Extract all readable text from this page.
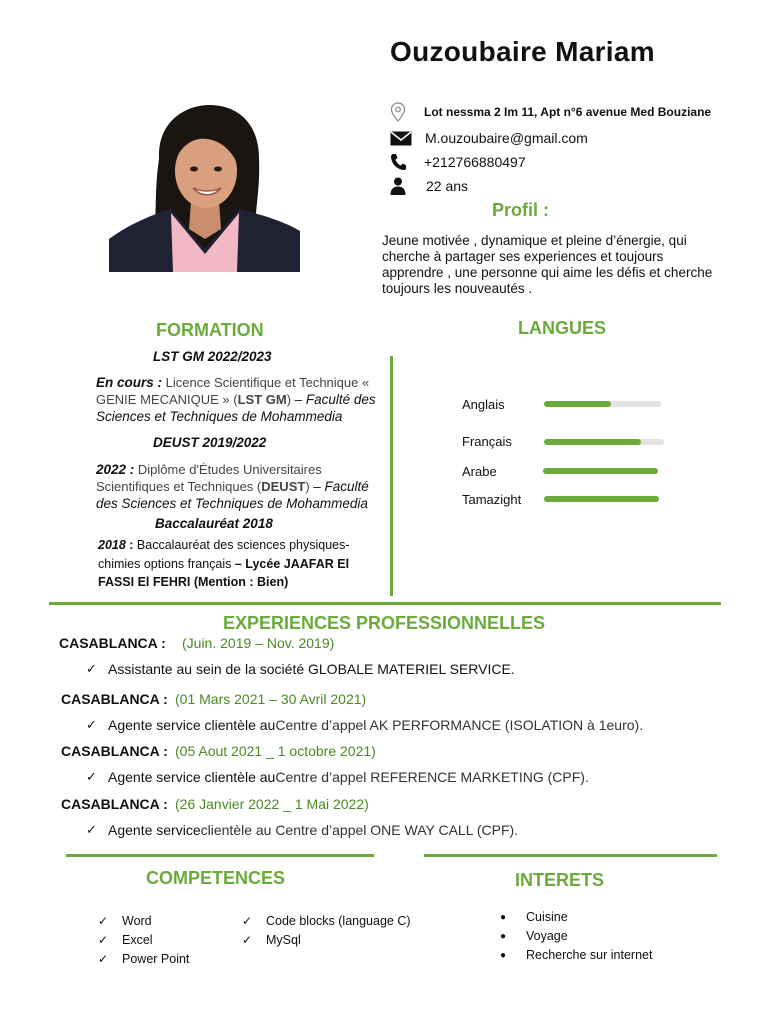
Ouzoubaire Mariam
Lot nessma 2 Im 11, Apt n°6 avenue Med Bouziane
M.ouzoubaire@gmail.com
+212766880497
22 ans
Profil :
Jeune motivée , dynamique et pleine d’énergie, qui cherche à partager ses experiences et toujours apprendre , une personne qui aime les défis et cherche toujours les nouveautés .
FORMATION
LST GM 2022/2023
En cours : Licence Scientifique et Technique « GENIE MECANIQUE » (LST GM) – Faculté des Sciences et Techniques de Mohammedia
DEUST 2019/2022
2022 : Diplôme d'Études Universitaires Scientifiques et Techniques (DEUST) – Faculté des Sciences et Techniques de Mohammedia
Baccalauréat 2018
2018 : Baccalauréat des sciences physiques-chimies options français – Lycée JAAFAR El FASSI El FEHRI (Mention : Bien)
LANGUES
Anglais
Français
Arabe
Tamazight
EXPERIENCES PROFESSIONNELLES
CASABLANCA : (Juin. 2019 – Nov. 2019)
✓ Assistante au sein de la société GLOBALE MATERIEL SERVICE.
CASABLANCA : (01 Mars 2021 – 30 Avril 2021)
✓ Agente service clientèle au Centre d’appel AK PERFORMANCE (ISOLATION à 1euro).
CASABLANCA : (05 Aout 2021 _ 1 octobre 2021)
✓ Agente service clientèle au Centre d’appel REFERENCE MARKETING (CPF).
CASABLANCA : (26 Janvier 2022 _ 1 Mai 2022)
✓ Agente service clientèle au Centre d’appel ONE WAY CALL (CPF).
COMPETENCES
✓	Word
✓	Excel
✓	Power Point
✓	Code blocks (language C)
✓	MySql
INTERETS
●	Cuisine
●	Voyage
●	Recherche sur internet
